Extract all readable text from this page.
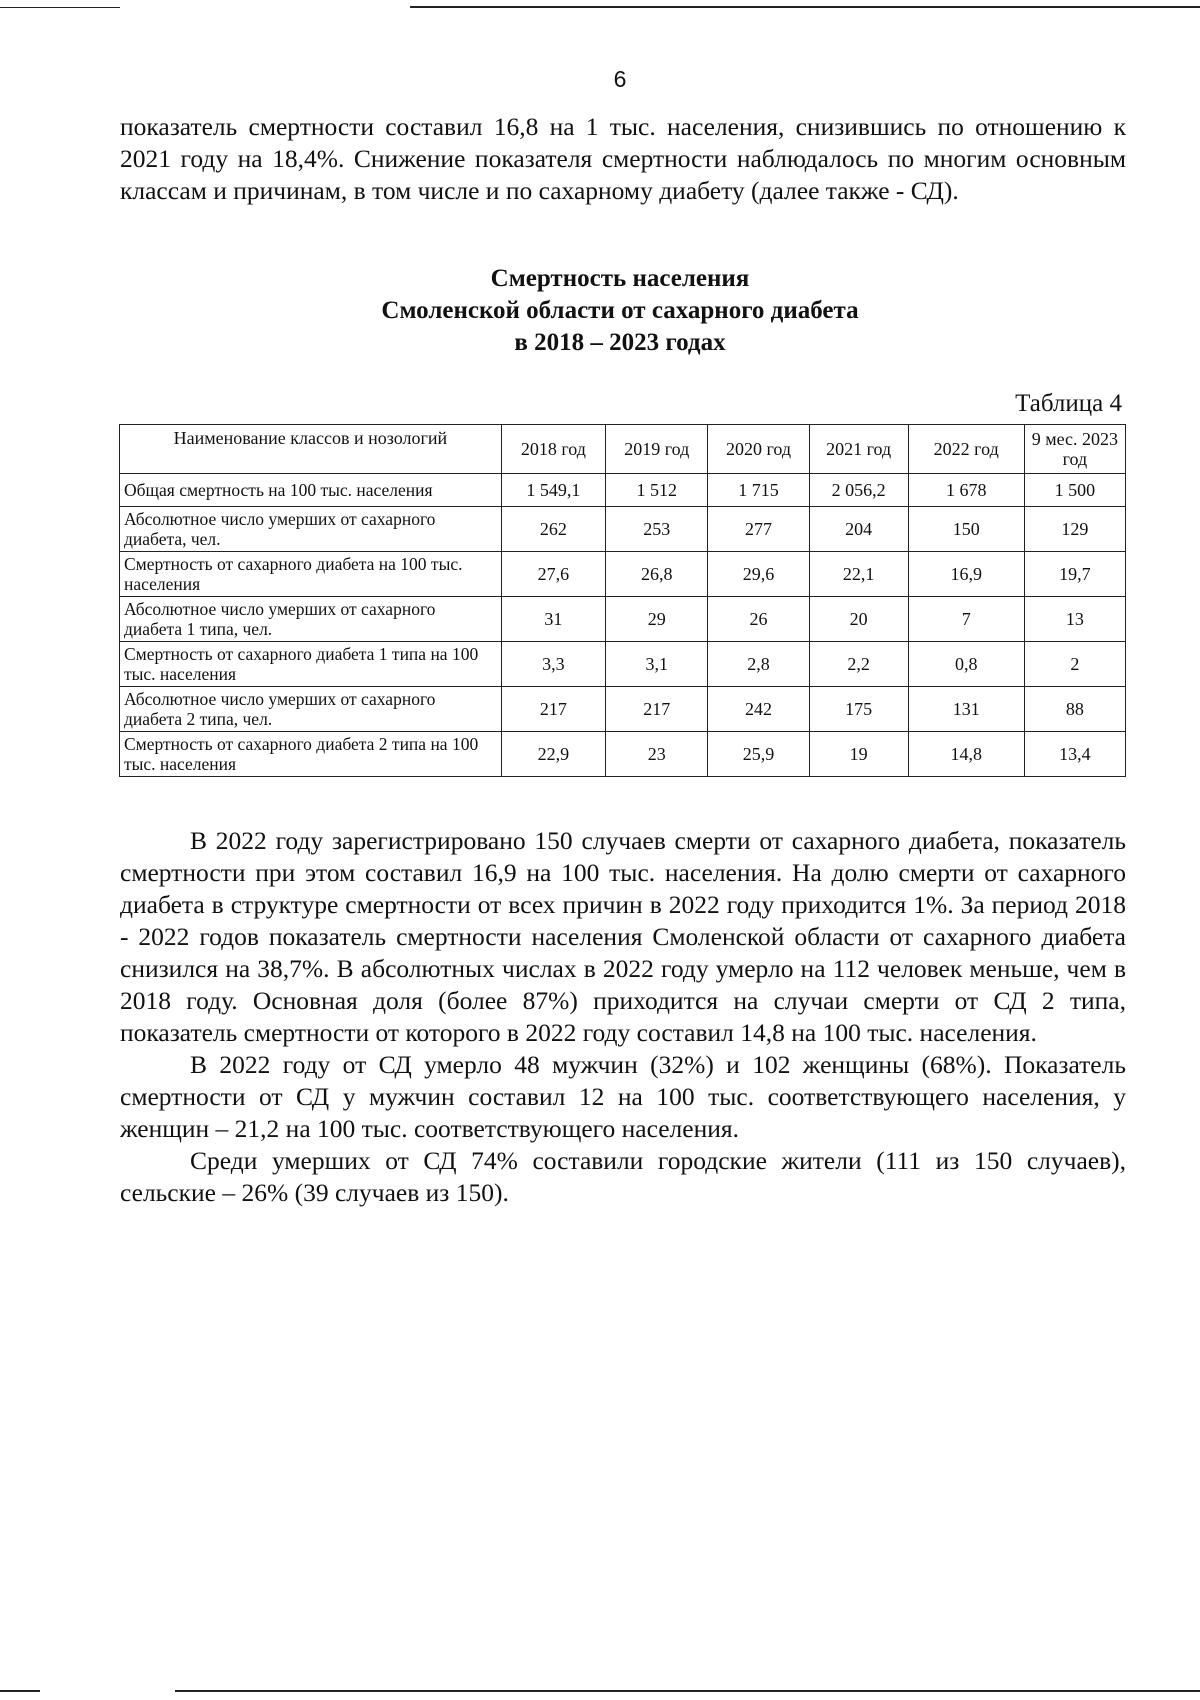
6
показатель смертности составил 16,8 на 1 тыс. населения, снизившись по отношению к 2021 году на 18,4%. Снижение показателя смертности наблюдалось по многим основным классам и причинам, в том числе и по сахарному диабету (далее также - СД).
Смертность населения
Смоленской области от сахарного диабета
в 2018 – 2023 годах
Таблица 4
Наименование классов и нозологий	2018 год	2019 год	2020 год	2021 год	2022 год	9 мес. 2023 год
Общая смертность на 100 тыс. населения	1 549,1	1 512	1 715	2 056,2	1 678	1 500
Абсолютное число умерших от сахарного диабета, чел.	262	253	277	204	150	129
Смертность от сахарного диабета на 100 тыс. населения	27,6	26,8	29,6	22,1	16,9	19,7
Абсолютное число умерших от сахарного диабета 1 типа, чел.	31	29	26	20	7	13
Смертность от сахарного диабета 1 типа на 100 тыс. населения	3,3	3,1	2,8	2,2	0,8	2
Абсолютное число умерших от сахарного диабета 2 типа, чел.	217	217	242	175	131	88
Смертность от сахарного диабета 2 типа на 100 тыс. населения	22,9	23	25,9	19	14,8	13,4

В 2022 году зарегистрировано 150 случаев смерти от сахарного диабета, показатель смертности при этом составил 16,9 на 100 тыс. населения. На долю смерти от сахарного диабета в структуре смертности от всех причин в 2022 году приходится 1%. За период 2018 - 2022 годов показатель смертности населения Смоленской области от сахарного диабета снизился на 38,7%. В абсолютных числах в 2022 году умерло на 112 человек меньше, чем в 2018 году. Основная доля (более 87%) приходится на случаи смерти от СД 2 типа, показатель смертности от которого в 2022 году составил 14,8 на 100 тыс. населения.

В 2022 году от СД умерло 48 мужчин (32%) и 102 женщины (68%). Показатель смертности от СД у мужчин составил 12 на 100 тыс. соответствующего населения, у женщин – 21,2 на 100 тыс. соответствующего населения.

Среди умерших от СД 74% составили городские жители (111 из 150 случаев), сельские – 26% (39 случаев из 150).
